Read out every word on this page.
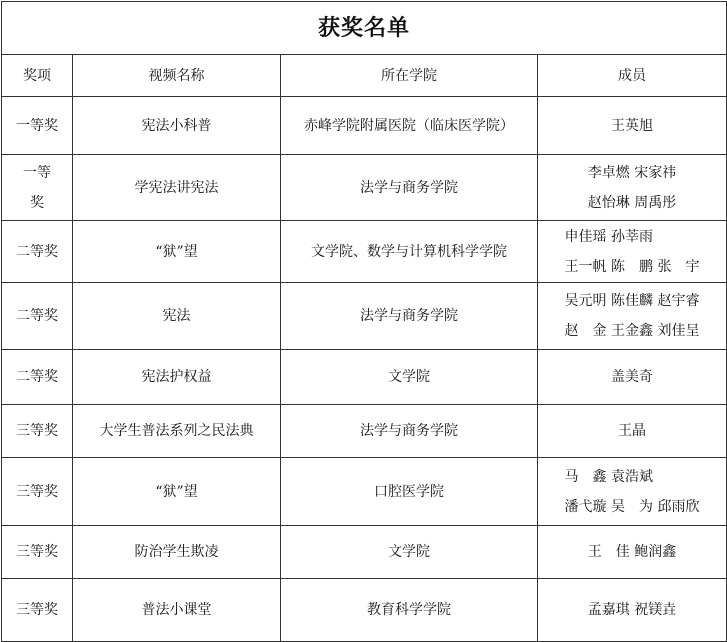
获奖名单			
奖项	视频名称	所在学院	成员
一等奖	宪法小科普	赤峰学院附属医院（临床医学院）	王英旭

一等奖	学宪法讲宪法	法学与商务学院	李卓燃 宋家祎
赵怡琳 周禹彤

二等奖	“狱”望	文学院、数学与计算机科学学院	申佳瑶 孙莘雨
王一帆 陈　鹏 张　宇

二等奖	宪法	法学与商务学院	吴元明 陈佳麟 赵宇睿
赵　金 王金鑫 刘佳呈

二等奖	宪法护权益	文学院	盖美奇

三等奖	大学生普法系列之民法典	法学与商务学院	王晶

三等奖	“狱”望	口腔医学院	马　鑫 袁浩斌
潘弋璇 吴　为 邱雨欣

三等奖	防治学生欺凌	文学院	王　佳 鲍润鑫

三等奖	普法小课堂	教育科学学院	孟嘉琪 祝镁垚
